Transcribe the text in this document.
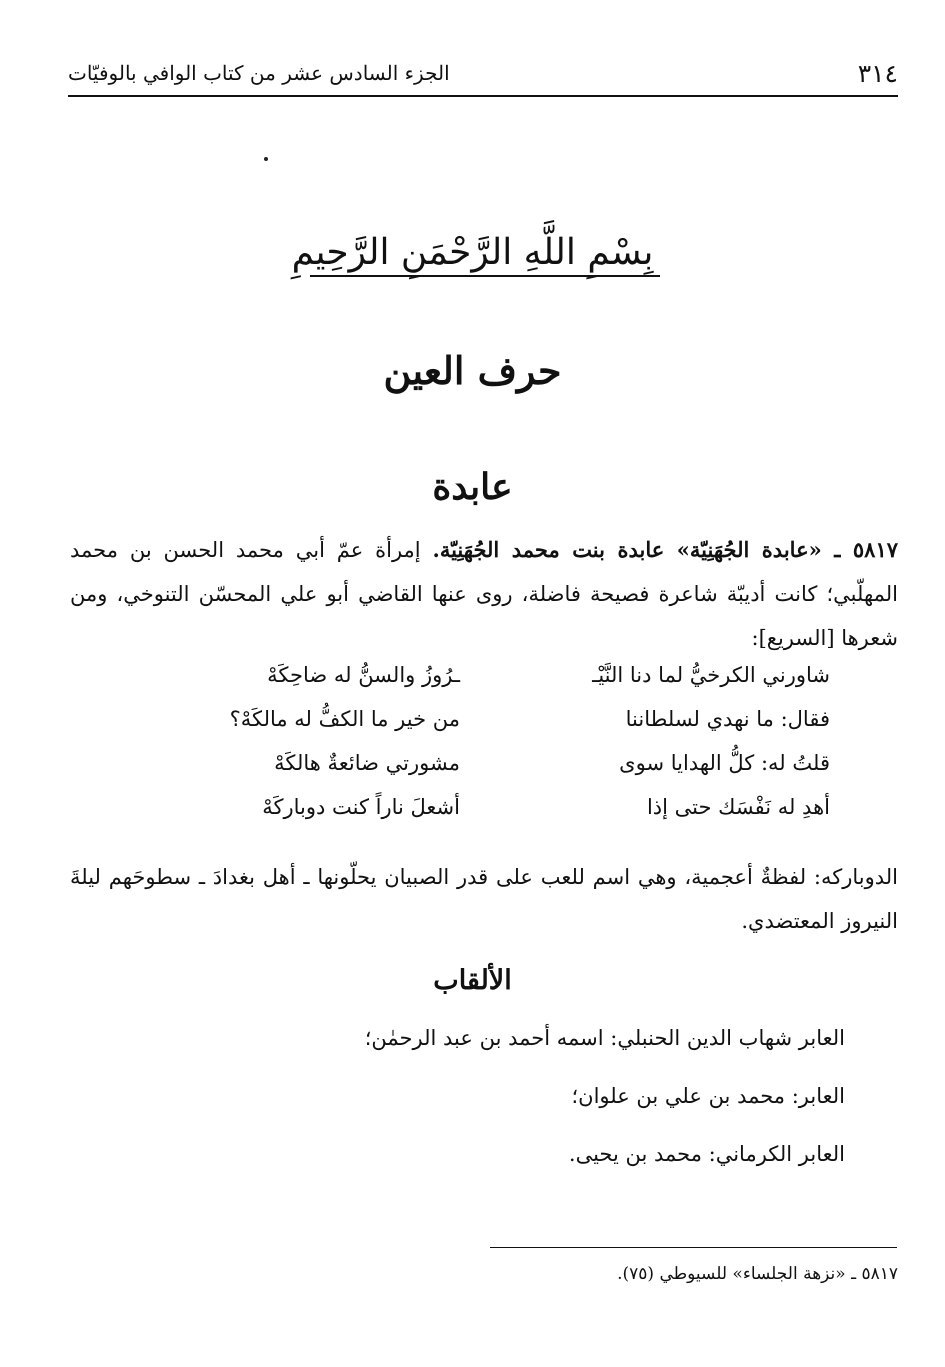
٣١٤
الجزء السادس عشر من كتاب الوافي بالوفيّات
بِسْمِ اللَّهِ الرَّحْمَنِ الرَّحِيمِ
حرف العين
عابدة
٥٨١٧ ـ «عابدة الجُهَنِيّة» عابدة بنت محمد الجُهَنِيّة. إمرأة عمّ أبي محمد الحسن بن محمد المهلّبي؛ كانت أديبّة شاعرة فصيحة فاضلة، روى عنها القاضي أبو علي المحسّن التنوخي، ومن شعرها [السريع]:
شاورني الكرخيُّ لما دنا النَّيْـ
ـرُوزُ والسنُّ له ضاحِكَهْ
فقال: ما نهدي لسلطاننا
من خير ما الكفُّ له مالكَهْ؟
قلتُ له: كلُّ الهدايا سوى
مشورتي ضائعةٌ هالكَهْ
أهدِ له نَفْسَك حتى إذا
أشعلَ ناراً كنت دوباركَهْ
الدوباركه: لفظةٌ أعجمية، وهي اسم للعب على قدر الصبيان يحلّونها ـ أهل بغدادَ ـ سطوحَهم ليلةَ النيروز المعتضدي.
الألقاب
العابر شهاب الدين الحنبلي: اسمه أحمد بن عبد الرحمٰن؛
العابر: محمد بن علي بن علوان؛
العابر الكرماني: محمد بن يحيى.
٥٨١٧ ـ «نزهة الجلساء» للسيوطي (٧٥).
